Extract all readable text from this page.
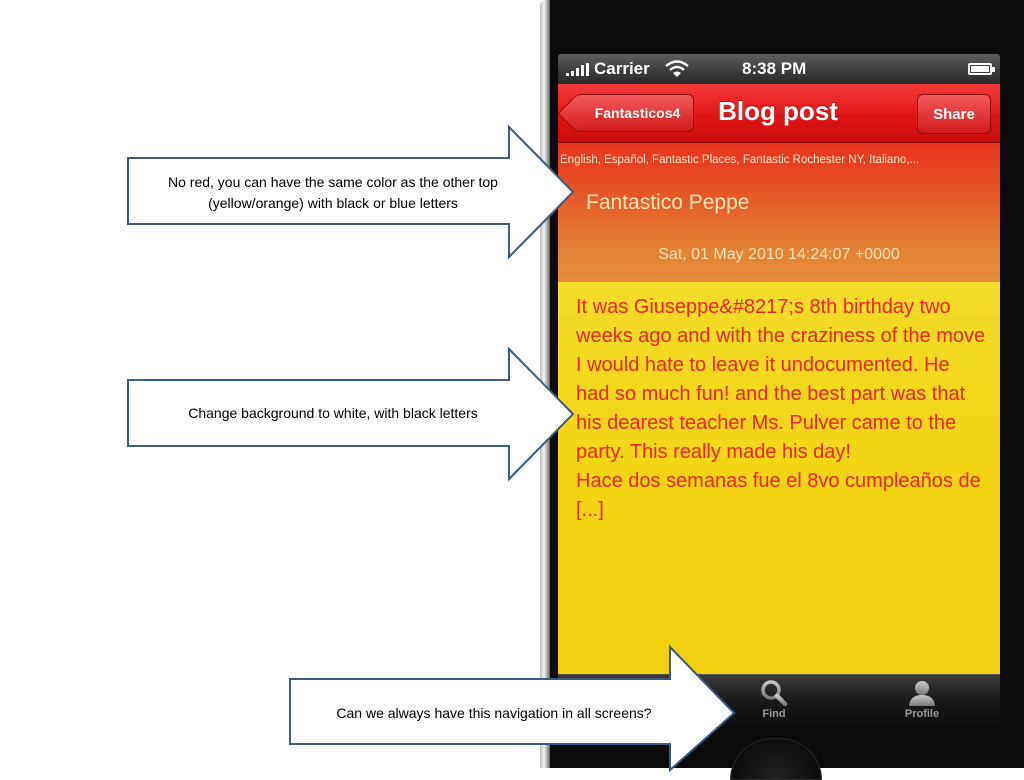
Carrier	8:38 PM
Fantasticos4	Blog post	Share
English, Español, Fantastic Places, Fantastic Rochester NY, Italiano,...
Fantastico Peppe
Sat, 01 May 2010 14:24:07 +0000
It was Giuseppe&#8217;s 8th birthday two weeks ago and with the craziness of the move I would hate to leave it undocumented. He had so much fun! and the best part was that his dearest teacher Ms. Pulver came to the party. This really made his day!
Hace dos semanas fue el 8vo cumpleaños de [...]
Find	Profile
No red, you can have the same color as the other top (yellow/orange) with black or blue letters
Change background to white, with black letters
Can we always have this navigation in all screens?
